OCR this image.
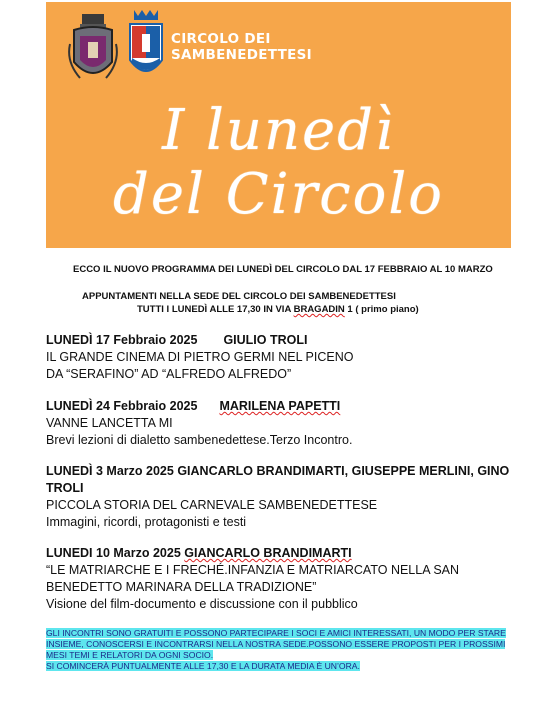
CIRCOLO DEI
SAMBENEDETTESI
I lunedì
del Circolo
ECCO IL NUOVO PROGRAMMA DEI LUNEDÌ DEL CIRCOLO DAL 17 FEBBRAIO AL 10 MARZO
APPUNTAMENTI NELLA SEDE DEL CIRCOLO DEI SAMBENEDETTESI
TUTTI I LUNEDÌ ALLE 17,30 IN VIA BRAGADIN 1 ( primo piano)
LUNEDÌ 17 Febbraio 2025 GIULIO TROLI
IL GRANDE CINEMA DI PIETRO GERMI NEL PICENO
DA “SERAFINO” AD “ALFREDO ALFREDO”
LUNEDÌ 24 Febbraio 2025 MARILENA PAPETTI
VANNE LANCETTA MI
Brevi lezioni di dialetto sambenedettese.Terzo Incontro.
LUNEDÌ 3 Marzo 2025 GIANCARLO BRANDIMARTI, GIUSEPPE MERLINI, GINO TROLI
PICCOLA STORIA DEL CARNEVALE SAMBENEDETTESE
Immagini, ricordi, protagonisti e testi
LUNEDI 10 Marzo 2025 GIANCARLO BRANDIMARTI
“LE MATRIARCHE E I FRECHÉ.INFANZIA E MATRIARCATO NELLA SAN BENEDETTO MARINARA DELLA TRADIZIONE”
Visione del film-documento e discussione con il pubblico
GLI INCONTRI SONO GRATUITI E POSSONO PARTECIPARE I SOCI E AMICI INTERESSATI, UN MODO PER STARE INSIEME, CONOSCERSI E INCONTRARSI NELLA NOSTRA SEDE.POSSONO ESSERE PROPOSTI PER I PROSSIMI MESI TEMI E RELATORI DA OGNI SOCIO.
SI COMINCERÀ PUNTUALMENTE ALLE 17,30 E LA DURATA MEDIA È UN’ORA.
